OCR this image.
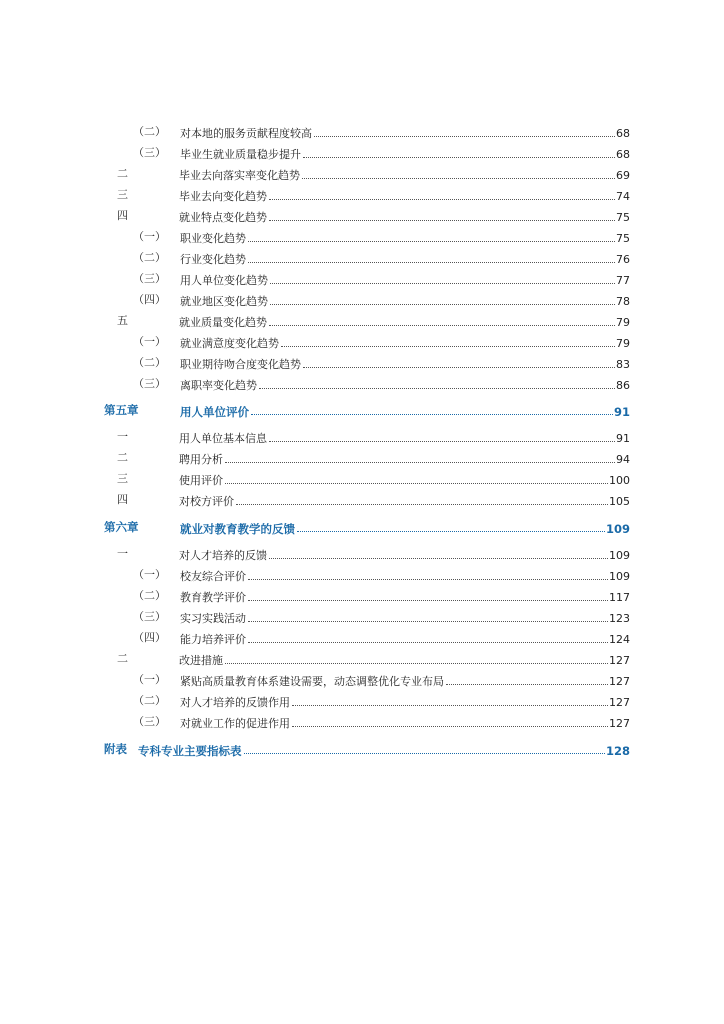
（二） 对本地的服务贡献程度较高	68
（三） 毕业生就业质量稳步提升	68
二	毕业去向落实率变化趋势	69
三	毕业去向变化趋势	74
四	就业特点变化趋势	75
（一） 职业变化趋势	75
（二） 行业变化趋势	76
（三） 用人单位变化趋势	77
（四） 就业地区变化趋势	78
五	就业质量变化趋势	79
（一） 就业满意度变化趋势	79
（二） 职业期待吻合度变化趋势	83
（三） 离职率变化趋势	86
第五章	用人单位评价	91
一	用人单位基本信息	91
二	聘用分析	94
三	使用评价	100
四	对校方评价	105
第六章	就业对教育教学的反馈	109
一	对人才培养的反馈	109
（一） 校友综合评价	109
（二） 教育教学评价	117
（三） 实习实践活动	123
（四） 能力培养评价	124
二	改进措施	127
（一） 紧贴高质量教育体系建设需要，动态调整优化专业布局	127
（二） 对人才培养的反馈作用	127
（三） 对就业工作的促进作用	127
附表 专科专业主要指标表	128
